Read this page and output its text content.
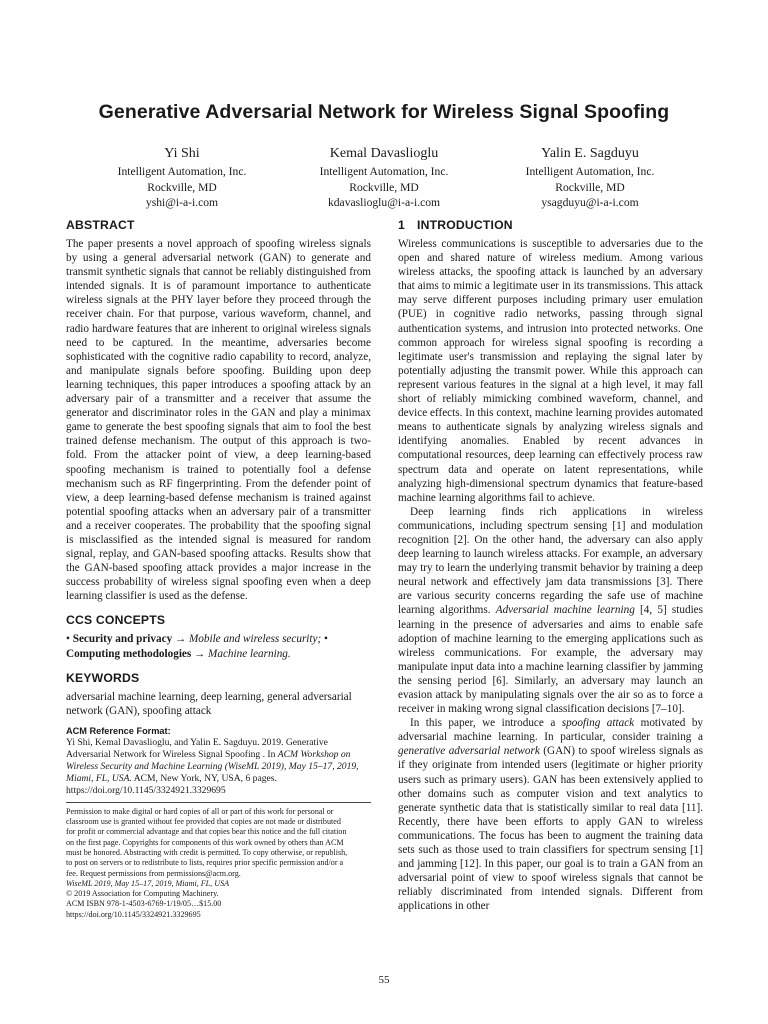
Generative Adversarial Network for Wireless Signal Spoofing
Yi Shi
Intelligent Automation, Inc.
Rockville, MD
yshi@i-a-i.com
Kemal Davaslioglu
Intelligent Automation, Inc.
Rockville, MD
kdavaslioglu@i-a-i.com
Yalin E. Sagduyu
Intelligent Automation, Inc.
Rockville, MD
ysagduyu@i-a-i.com
ABSTRACT

The paper presents a novel approach of spoofing wireless signals by using a general adversarial network (GAN) to generate and transmit synthetic signals that cannot be reliably distinguished from intended signals. It is of paramount importance to authenticate wireless signals at the PHY layer before they proceed through the receiver chain. For that purpose, various waveform, channel, and radio hardware features that are inherent to original wireless signals need to be captured. In the meantime, adversaries become sophisticated with the cognitive radio capability to record, analyze, and manipulate signals before spoofing. Building upon deep learning techniques, this paper introduces a spoofing attack by an adversary pair of a transmitter and a receiver that assume the generator and discriminator roles in the GAN and play a minimax game to generate the best spoofing signals that aim to fool the best trained defense mechanism. The output of this approach is two-fold. From the attacker point of view, a deep learning-based spoofing mechanism is trained to potentially fool a defense mechanism such as RF fingerprinting. From the defender point of view, a deep learning-based defense mechanism is trained against potential spoofing attacks when an adversary pair of a transmitter and a receiver cooperates. The probability that the spoofing signal is misclassified as the intended signal is measured for random signal, replay, and GAN-based spoofing attacks. Results show that the GAN-based spoofing attack provides a major increase in the success probability of wireless signal spoofing even when a deep learning classifier is used as the defense.

CCS CONCEPTS

• Security and privacy → Mobile and wireless security; • Computing methodologies → Machine learning.

KEYWORDS

adversarial machine learning, deep learning, general adversarial network (GAN), spoofing attack

ACM Reference Format:

Yi Shi, Kemal Davaslioglu, and Yalin E. Sagduyu. 2019. Generative Adversarial Network for Wireless Signal Spoofing . In ACM Workshop on Wireless Security and Machine Learning (WiseML 2019), May 15–17, 2019, Miami, FL, USA. ACM, New York, NY, USA, 6 pages. https://doi.org/10.1145/3324921.3329695

Permission to make digital or hard copies of all or part of this work for personal or
classroom use is granted without fee provided that copies are not made or distributed
for profit or commercial advantage and that copies bear this notice and the full citation
on the first page. Copyrights for components of this work owned by others than ACM
must be honored. Abstracting with credit is permitted. To copy otherwise, or republish,
to post on servers or to redistribute to lists, requires prior specific permission and/or a
fee. Request permissions from permissions@acm.org.
WiseML 2019, May 15–17, 2019, Miami, FL, USA
© 2019 Association for Computing Machinery.
ACM ISBN 978-1-4503-6769-1/19/05…$15.00
https://doi.org/10.1145/3324921.3329695

1 INTRODUCTION

Wireless communications is susceptible to adversaries due to the open and shared nature of wireless medium. Among various wireless attacks, the spoofing attack is launched by an adversary that aims to mimic a legitimate user in its transmissions. This attack may serve different purposes including primary user emulation (PUE) in cognitive radio networks, passing through signal authentication systems, and intrusion into protected networks. One common approach for wireless signal spoofing is recording a legitimate user's transmission and replaying the signal later by potentially adjusting the transmit power. While this approach can represent various features in the signal at a high level, it may fall short of reliably mimicking combined waveform, channel, and device effects. In this context, machine learning provides automated means to authenticate signals by analyzing wireless signals and identifying anomalies. Enabled by recent advances in computational resources, deep learning can effectively process raw spectrum data and operate on latent representations, while analyzing high-dimensional spectrum dynamics that feature-based machine learning algorithms fail to achieve.

Deep learning finds rich applications in wireless communications, including spectrum sensing [1] and modulation recognition [2]. On the other hand, the adversary can also apply deep learning to launch wireless attacks. For example, an adversary may try to learn the underlying transmit behavior by training a deep neural network and effectively jam data transmissions [3]. There are various security concerns regarding the safe use of machine learning algorithms. Adversarial machine learning [4, 5] studies learning in the presence of adversaries and aims to enable safe adoption of machine learning to the emerging applications such as wireless communications. For example, the adversary may manipulate input data into a machine learning classifier by jamming the sensing period [6]. Similarly, an adversary may launch an evasion attack by manipulating signals over the air so as to force a receiver in making wrong signal classification decisions [7–10].

In this paper, we introduce a spoofing attack motivated by adversarial machine learning. In particular, consider training a generative adversarial network (GAN) to spoof wireless signals as if they originate from intended users (legitimate or higher priority users such as primary users). GAN has been extensively applied to other domains such as computer vision and text analytics to generate synthetic data that is statistically similar to real data [11]. Recently, there have been efforts to apply GAN to wireless communications. The focus has been to augment the training data sets such as those used to train classifiers for spectrum sensing [1] and jamming [12]. In this paper, our goal is to train a GAN from an adversarial point of view to spoof wireless signals that cannot be reliably discriminated from intended signals. Different from applications in other

55
